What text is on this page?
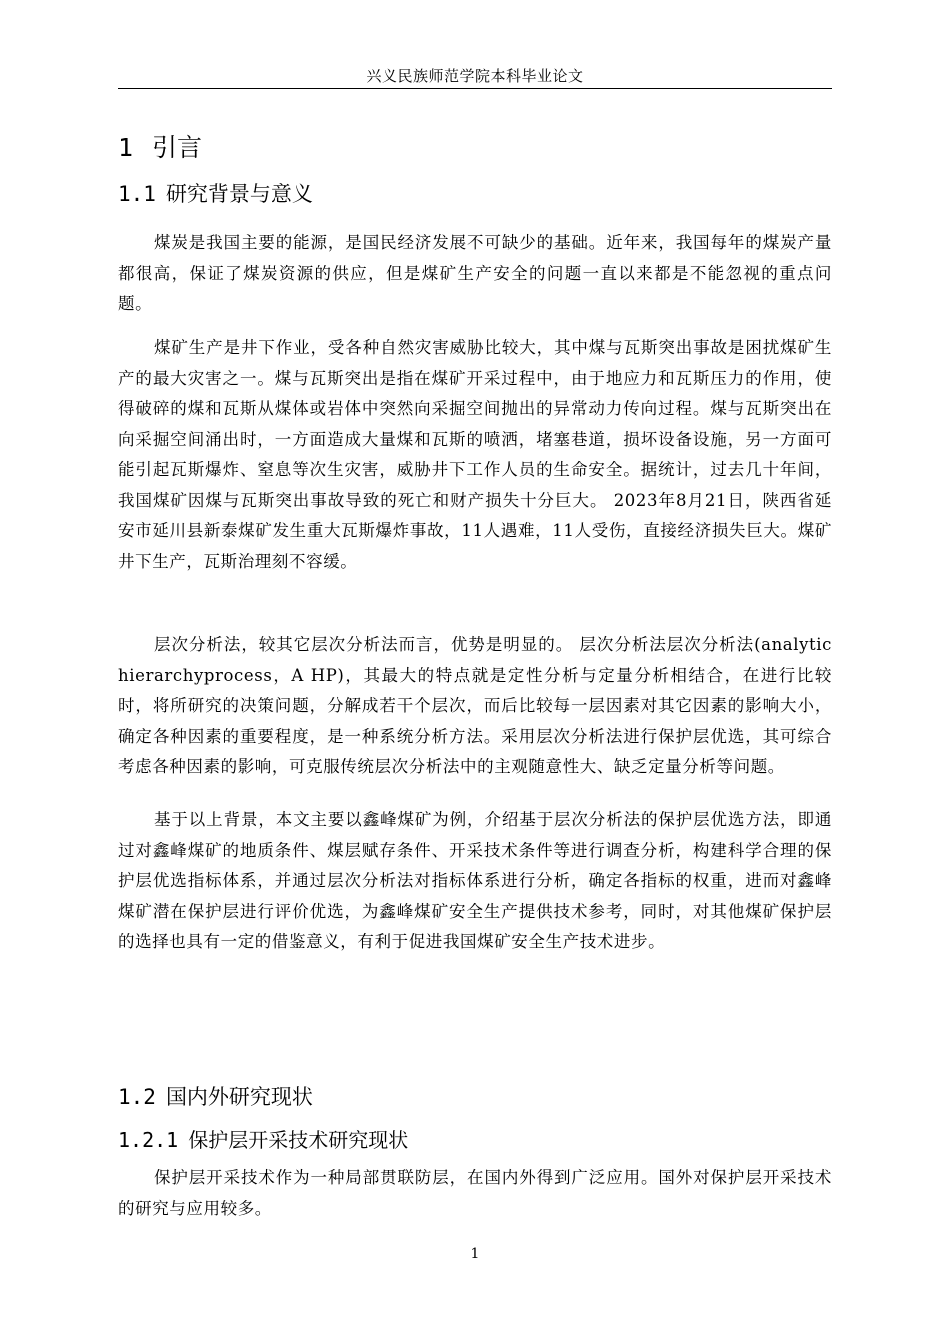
兴义民族师范学院本科毕业论文
1 引言
1.1 研究背景与意义

煤炭是我国主要的能源，是国民经济发展不可缺少的基础。近年来，我国每年的煤炭产量都很高，保证了煤炭资源的供应，但是煤矿生产安全的问题一直以来都是不能忽视的重点问题。

煤矿生产是井下作业，受各种自然灾害威胁比较大，其中煤与瓦斯突出事故是困扰煤矿生产的最大灾害之一。煤与瓦斯突出是指在煤矿开采过程中，由于地应力和瓦斯压力的作用，使得破碎的煤和瓦斯从煤体或岩体中突然向采掘空间抛出的异常动力传向过程。煤与瓦斯突出在向采掘空间涌出时，一方面造成大量煤和瓦斯的喷洒，堵塞巷道，损坏设备设施，另一方面可能引起瓦斯爆炸、窒息等次生灾害，威胁井下工作人员的生命安全。据统计，过去几十年间，我国煤矿因煤与瓦斯突出事故导致的死亡和财产损失十分巨大。 2023年8月21日，陕西省延安市延川县新泰煤矿发生重大瓦斯爆炸事故，11人遇难，11人受伤，直接经济损失巨大。煤矿井下生产，瓦斯治理刻不容缓。

层次分析法，较其它层次分析法而言，优势是明显的。 层次分析法层次分析法(analytic hierarchyprocess，A HP)，其最大的特点就是定性分析与定量分析相结合，在进行比较时，将所研究的决策问题，分解成若干个层次，而后比较每一层因素对其它因素的影响大小，确定各种因素的重要程度，是一种系统分析方法。采用层次分析法进行保护层优选，其可综合考虑各种因素的影响，可克服传统层次分析法中的主观随意性大、缺乏定量分析等问题。

基于以上背景，本文主要以鑫峰煤矿为例，介绍基于层次分析法的保护层优选方法，即通过对鑫峰煤矿的地质条件、煤层赋存条件、开采技术条件等进行调查分析，构建科学合理的保护层优选指标体系，并通过层次分析法对指标体系进行分析，确定各指标的权重，进而对鑫峰煤矿潜在保护层进行评价优选，为鑫峰煤矿安全生产提供技术参考，同时，对其他煤矿保护层的选择也具有一定的借鉴意义，有利于促进我国煤矿安全生产技术进步。

1.2 国内外研究现状
1.2.1 保护层开采技术研究现状

保护层开采技术作为一种局部贯联防层，在国内外得到广泛应用。国外对保护层开采技术的研究与应用较多。

1
